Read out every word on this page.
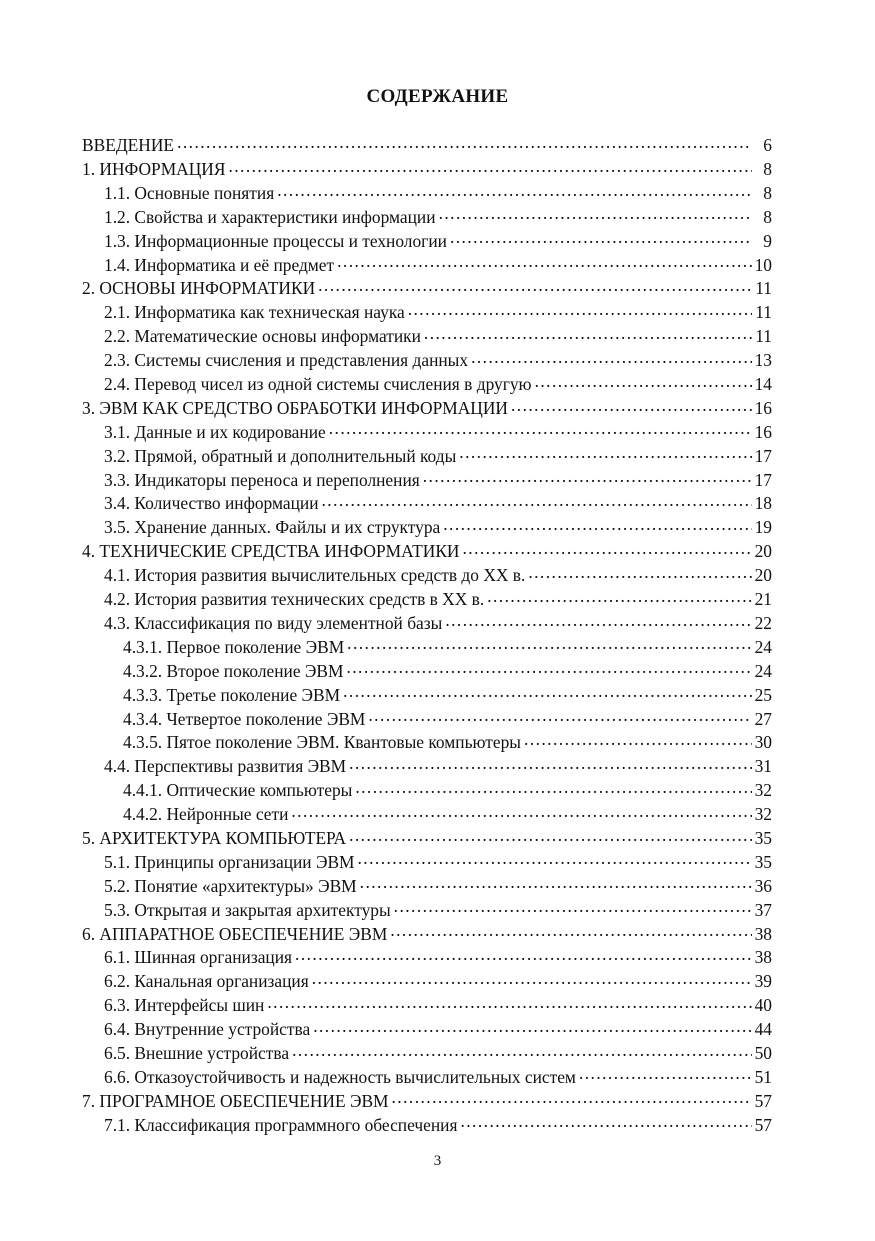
СОДЕРЖАНИЕ
ВВЕДЕНИЕ . . .	6
1. ИНФОРМАЦИЯ . . .	8
1.1. Основные понятия . . .	8
1.2. Свойства и характеристики информации . . .	8
1.3. Информационные процессы и технологии . . .	9
1.4. Информатика и её предмет . . .	10
2. ОСНОВЫ ИНФОРМАТИКИ . . .	11
2.1. Информатика как техническая наука . . .	11
2.2. Математические основы информатики . . .	11
2.3. Системы счисления и представления данных . . .	13
2.4. Перевод чисел из одной системы счисления в другую . . .	14
3. ЭВМ КАК СРЕДСТВО ОБРАБОТКИ ИНФОРМАЦИИ . . .	16
3.1. Данные и их кодирование . . .	16
3.2. Прямой, обратный и дополнительный коды . . .	17
3.3. Индикаторы переноса и переполнения . . .	17
3.4. Количество информации . . .	18
3.5. Хранение данных. Файлы и их структура . . .	19
4. ТЕХНИЧЕСКИЕ СРЕДСТВА ИНФОРМАТИКИ . . .	20
4.1. История развития вычислительных средств до XX в. . . .	20
4.2. История развития технических средств в XX в. . . .	21
4.3. Классификация по виду элементной базы . . .	22
4.3.1. Первое поколение ЭВМ . . .	24
4.3.2. Второе поколение ЭВМ . . .	24
4.3.3. Третье поколение ЭВМ . . .	25
4.3.4. Четвертое поколение ЭВМ . . .	27
4.3.5. Пятое поколение ЭВМ. Квантовые компьютеры . . .	30
4.4. Перспективы развития ЭВМ . . .	31
4.4.1. Оптические компьютеры . . .	32
4.4.2. Нейронные сети . . .	32
5. АРХИТЕКТУРА КОМПЬЮТЕРА . . .	35
5.1. Принципы организации ЭВМ . . .	35
5.2. Понятие «архитектуры» ЭВМ . . .	36
5.3. Открытая и закрытая архитектуры . . .	37
6. АППАРАТНОЕ ОБЕСПЕЧЕНИЕ ЭВМ . . .	38
6.1. Шинная организация . . .	38
6.2. Канальная организация . . .	39
6.3. Интерфейсы шин . . .	40
6.4. Внутренние устройства . . .	44
6.5. Внешние устройства . . .	50
6.6. Отказоустойчивость и надежность вычислительных систем . . .	51
7. ПРОГРАМНОЕ ОБЕСПЕЧЕНИЕ ЭВМ . . .	57
7.1. Классификация программного обеспечения . . .	57
3
